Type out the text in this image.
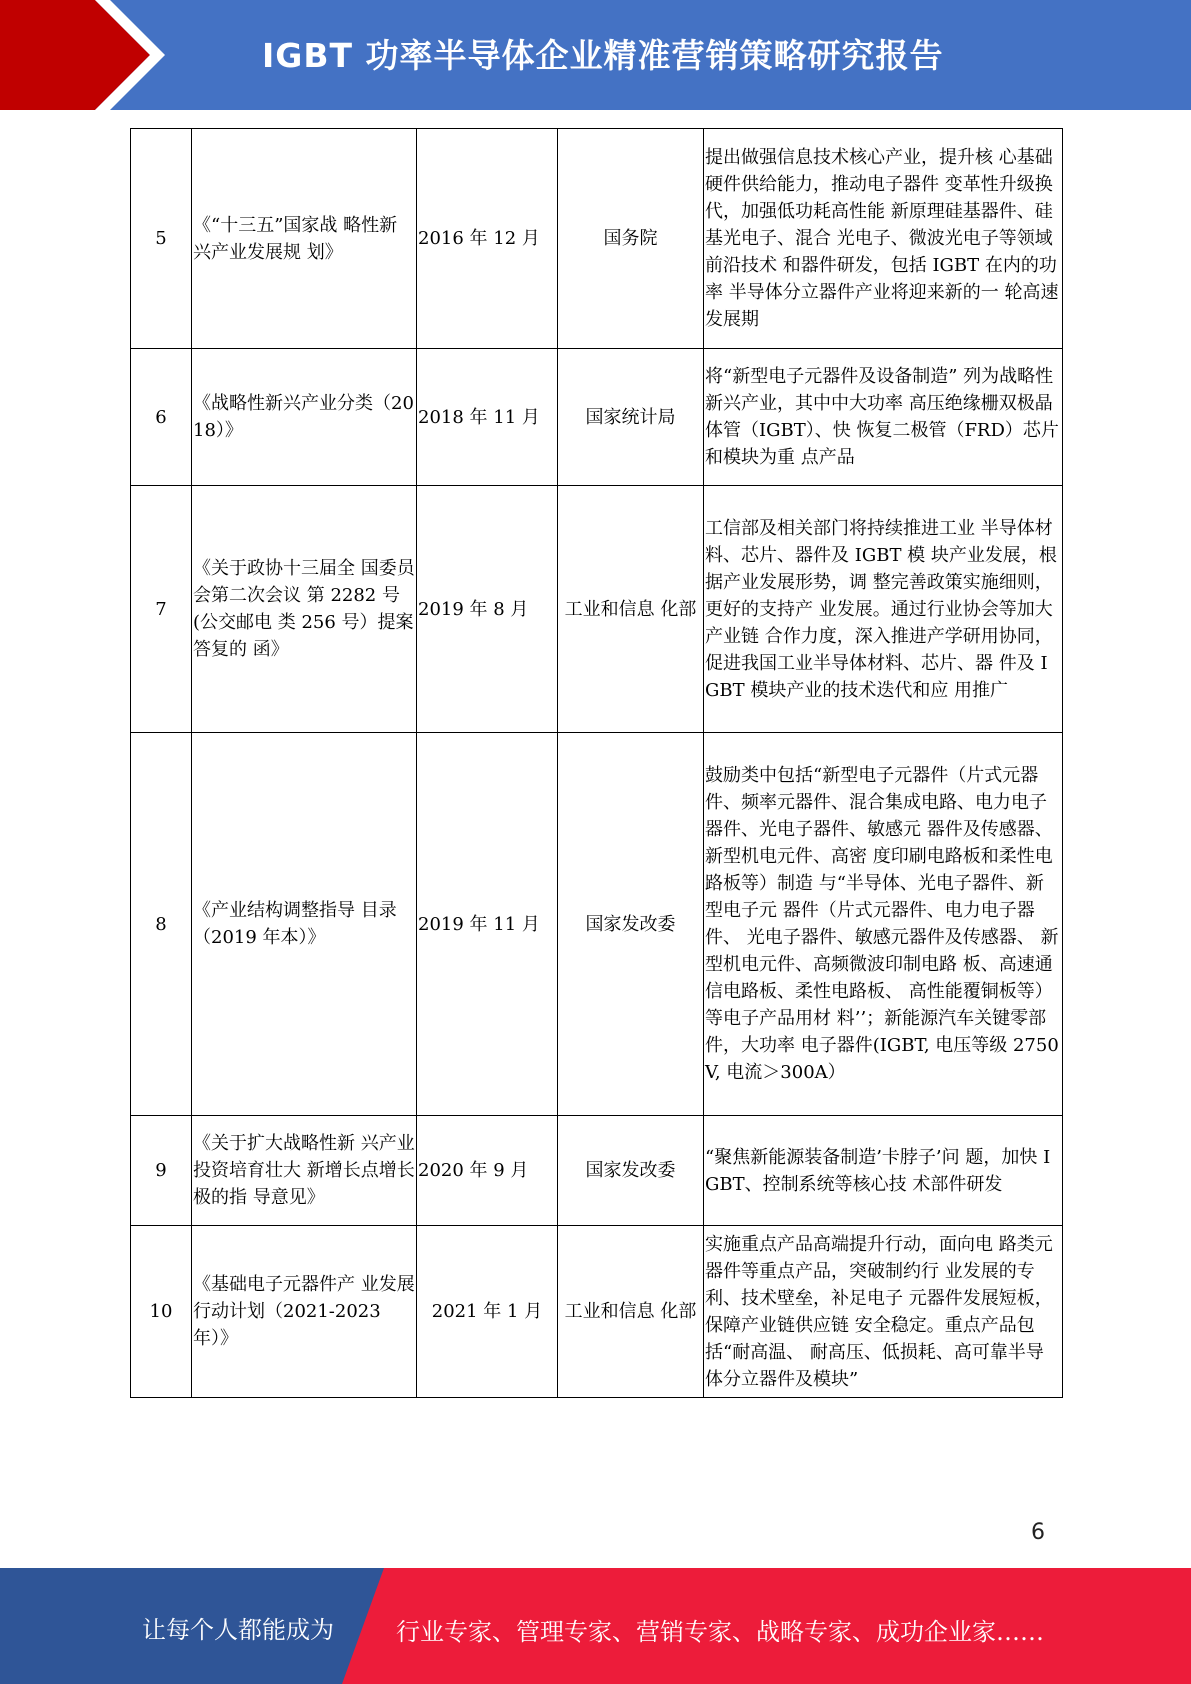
IGBT 功率半导体企业精准营销策略研究报告
5	《“十三五”国家战 略性新兴产业发展规 划》	2016 年 12 月	国务院	提出做强信息技术核心产业，提升核 心基础硬件供给能力，推动电子器件 变革性升级换代，加强低功耗高性能 新原理硅基器件、硅基光电子、混合 光电子、微波光电子等领域前沿技术 和器件研发，包括 IGBT 在内的功率 半导体分立器件产业将迎来新的一 轮高速发展期
6	《战略性新兴产业分类（2018）》	2018 年 11 月	国家统计局	将“新型电子元器件及设备制造” 列为战略性新兴产业，其中中大功率 高压绝缘栅双极晶体管（IGBT）、快 恢复二极管（FRD）芯片和模块为重 点产品
7	《关于政协十三届全 国委员会第二次会议 第 2282 号(公交邮电 类 256 号）提案答复的 函》	2019 年 8 月	工业和信息 化部	工信部及相关部门将持续推进工业 半导体材料、芯片、器件及 IGBT 模 块产业发展，根据产业发展形势，调 整完善政策实施细则，更好的支持产 业发展。通过行业协会等加大产业链 合作力度，深入推进产学研用协同， 促进我国工业半导体材料、芯片、器 件及 IGBT 模块产业的技术迭代和应 用推广
8	《产业结构调整指导 目录（2019 年本）》	2019 年 11 月	国家发改委	鼓励类中包括“新型电子元器件（片式元器件、频率元器件、混合集成电路、电力电子器件、光电子器件、敏感元 器件及传感器、新型机电元件、高密 度印刷电路板和柔性电路板等）制造 与“半导体、光电子器件、新型电子元 器件（片式元器件、电力电子器件、 光电子器件、敏感元器件及传感器、 新型机电元件、高频微波印制电路 板、高速通信电路板、柔性电路板、 高性能覆铜板等）等电子产品用材 料’’；新能源汽车关键零部件，大功率 电子器件(IGBT, 电压等级 2750V, 电流＞300A）
9	《关于扩大战略性新 兴产业投资培育壮大 新增长点增长极的指 导意见》	2020 年 9 月	国家发改委	“聚焦新能源装备制造’卡脖子’问 题，加快 IGBT、控制系统等核心技 术部件研发
10	《基础电子元器件产 业发展行动计划（2021-2023 年）》	2021 年 1 月	工业和信息 化部	实施重点产品高端提升行动，面向电 路类元器件等重点产品，突破制约行 业发展的专利、技术壁垒，补足电子 元器件发展短板，保障产业链供应链 安全稳定。重点产品包括“耐高温、 耐高压、低损耗、高可靠半导体分立器件及模块”
6
让每个人都能成为	行业专家、管理专家、营销专家、战略专家、成功企业家……
